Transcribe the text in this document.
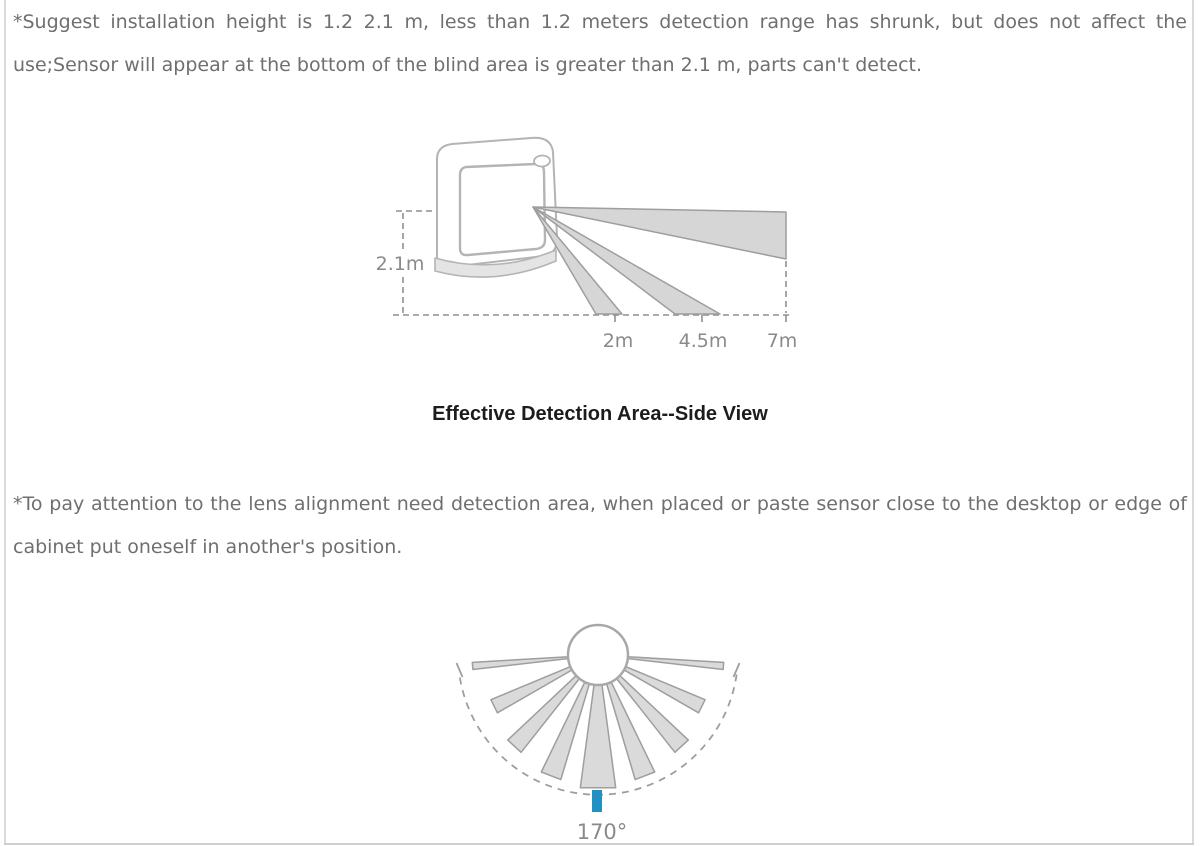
*Suggest installation height is 1.2 2.1 m, less than 1.2 meters detection range has shrunk, but does not affect the use;Sensor will appear at the bottom of the blind area is greater than 2.1 m, parts can't detect.
2.1m
2m 4.5m 7m
Effective Detection Area--Side View
*To pay attention to the lens alignment need detection area, when placed or paste sensor close to the desktop or edge of cabinet put oneself in another's position.
170°
